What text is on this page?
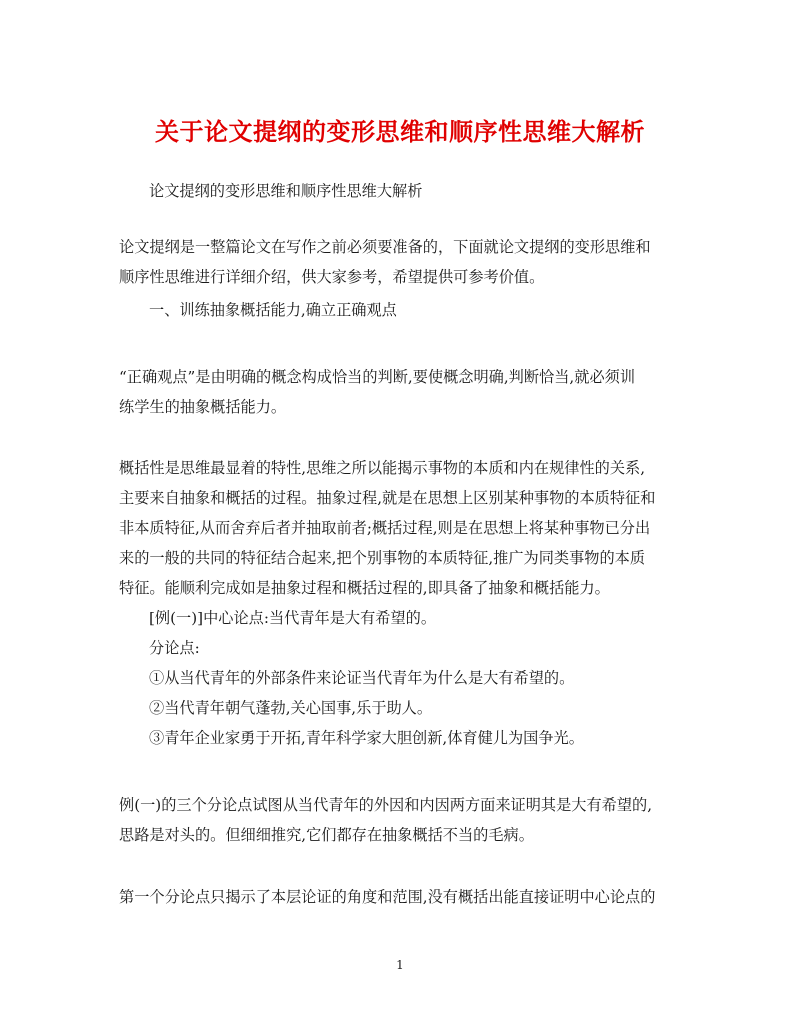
关于论文提纲的变形思维和顺序性思维大解析

论文提纲的变形思维和顺序性思维大解析

论文提纲是一整篇论文在写作之前必须要准备的，下面就论文提纲的变形思维和
顺序性思维进行详细介绍，供大家参考，希望提供可参考价值。

一、训练抽象概括能力,确立正确观点

“正确观点”是由明确的概念构成恰当的判断,要使概念明确,判断恰当,就必须训
练学生的抽象概括能力。

概括性是思维最显着的特性,思维之所以能揭示事物的本质和内在规律性的关系,
主要来自抽象和概括的过程。抽象过程,就是在思想上区别某种事物的本质特征和
非本质特征,从而舍弃后者并抽取前者;概括过程,则是在思想上将某种事物已分出
来的一般的共同的特征结合起来,把个别事物的本质特征,推广为同类事物的本质
特征。能顺利完成如是抽象过程和概括过程的,即具备了抽象和概括能力。

[例(一)]中心论点:当代青年是大有希望的。
分论点:
①从当代青年的外部条件来论证当代青年为什么是大有希望的。
②当代青年朝气蓬勃,关心国事,乐于助人。
③青年企业家勇于开拓,青年科学家大胆创新,体育健儿为国争光。

例(一)的三个分论点试图从当代青年的外因和内因两方面来证明其是大有希望的,
思路是对头的。但细细推究,它们都存在抽象概括不当的毛病。

第一个分论点只揭示了本层论证的角度和范围,没有概括出能直接证明中心论点的

1
